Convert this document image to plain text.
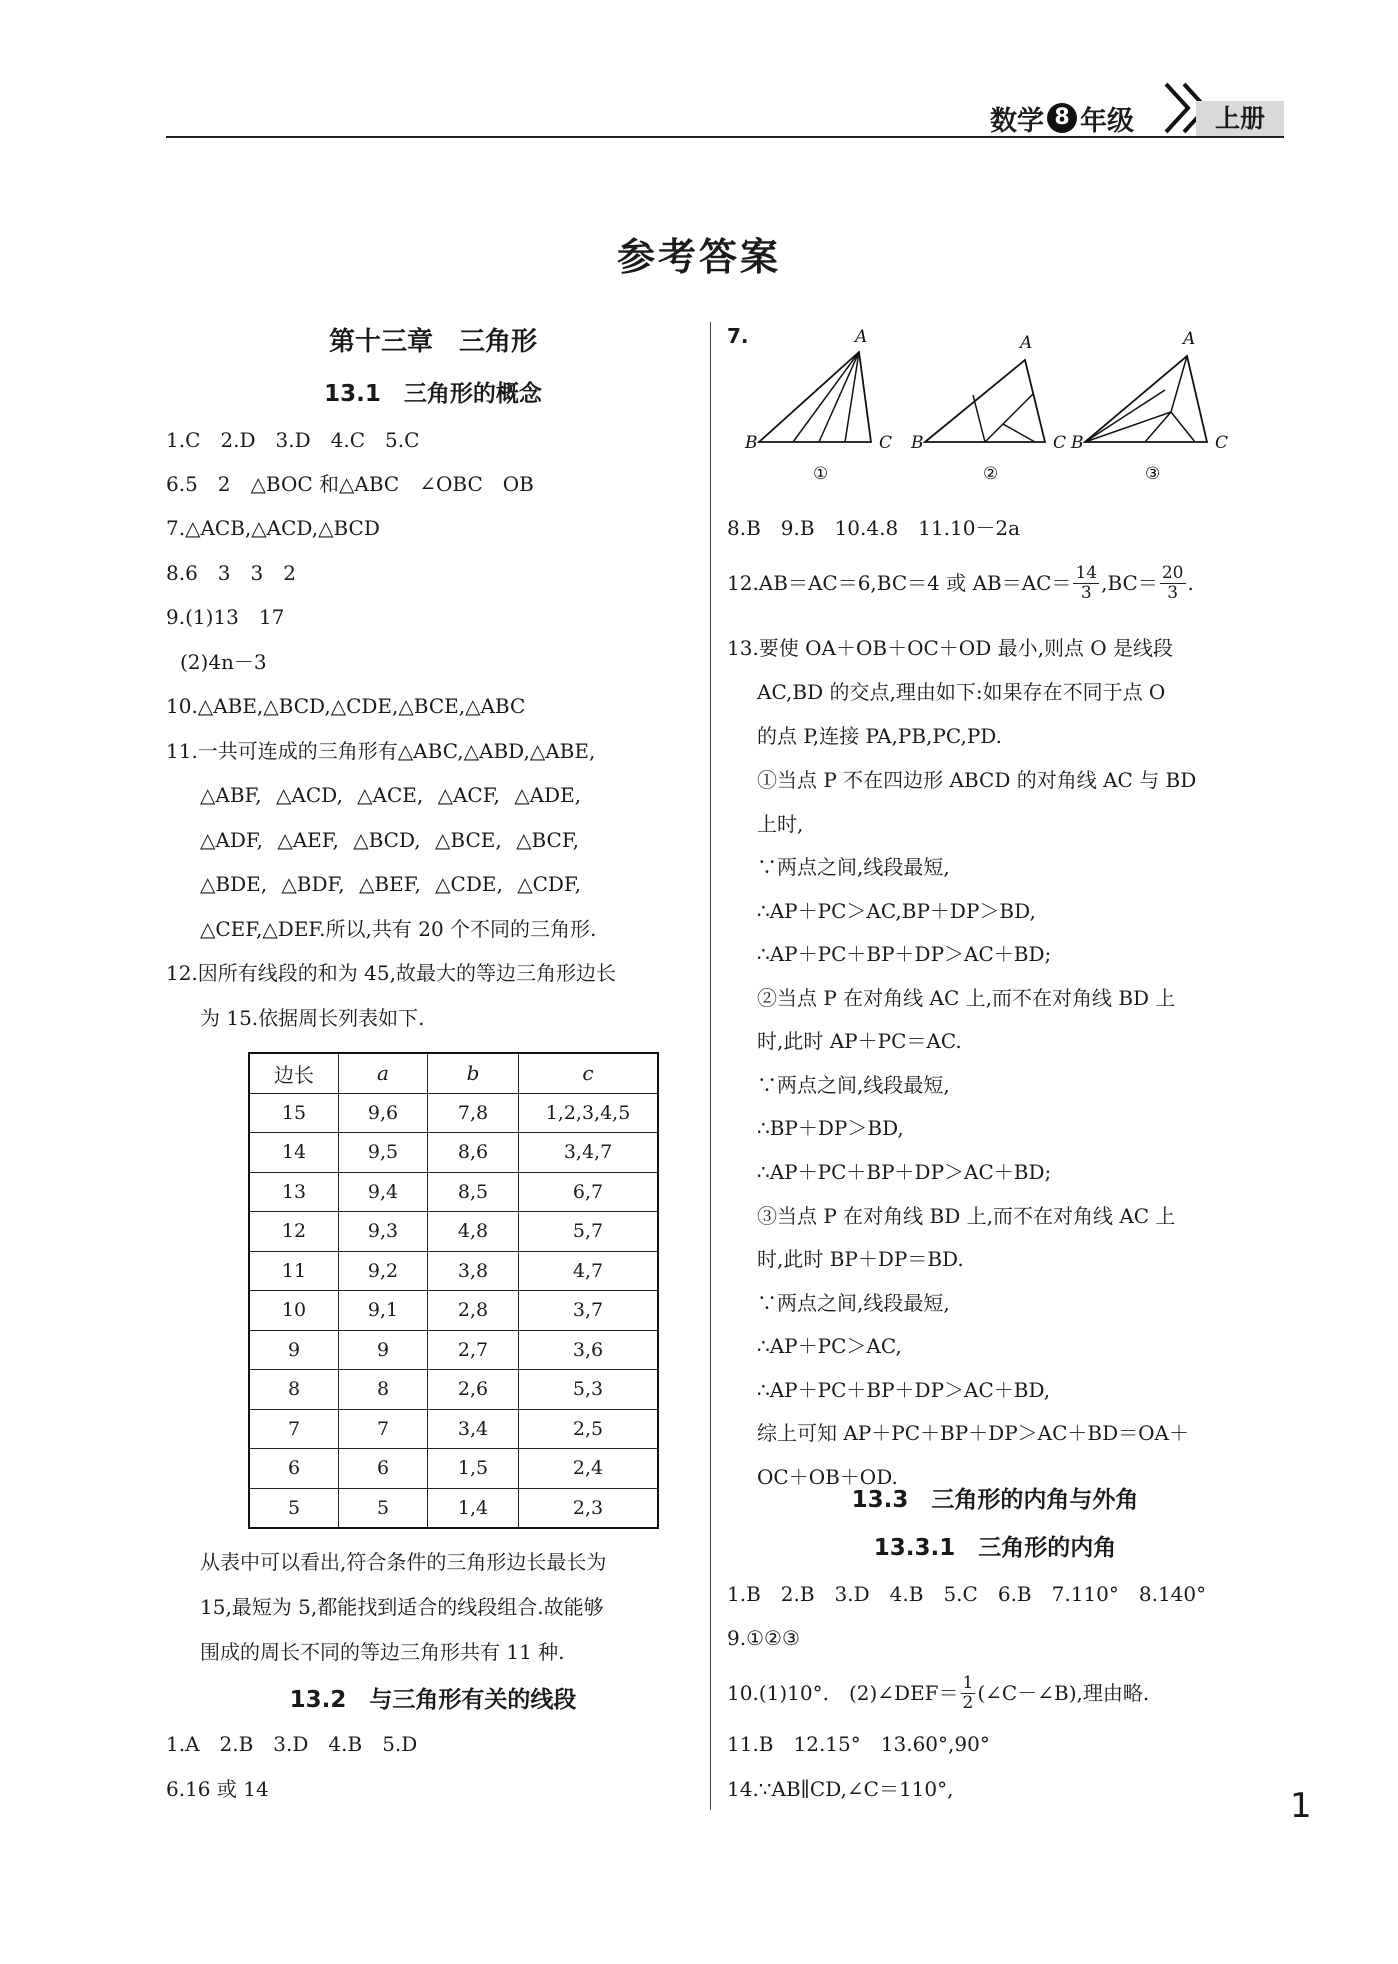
数学 8 年级	上册
参考答案
第十三章　三角形
13.1　三角形的概念
1.C　2.D　3.D　4.C　5.C
6.5　2　△BOC 和△ABC　∠OBC　OB
7.△ACB,△ACD,△BCD
8.6　3　3　2
9.(1)13　17
(2)4n－3
10.△ABE,△BCD,△CDE,△BCE,△ABC
11.一共可连成的三角形有△ABC,△ABD,△ABE,
△ABF, △ACD, △ACE, △ACF, △ADE,
△ADF, △AEF, △BCD, △BCE, △BCF,
△BDE, △BDF, △BEF, △CDE, △CDF,
△CEF,△DEF.所以,共有 20 个不同的三角形.
12.因所有线段的和为 45,故最大的等边三角形边长
为 15.依据周长列表如下.
从表中可以看出,符合条件的三角形边长最长为
15,最短为 5,都能找到适合的线段组合.故能够
围成的周长不同的等边三角形共有 11 种.
13.2　与三角形有关的线段
1.A　2.B　3.D　4.B　5.D
6.16 或 14
边长	a	b	c
15	9,6	7,8	1,2,3,4,5
14	9,5	8,6	3,4,7
13	9,4	8,5	6,7
12	9,3	4,8	5,7
11	9,2	3,8	4,7
10	9,1	2,8	3,7
9	9	2,7	3,6
8	8	2,6	5,3
7	7	3,4	2,5
6	6	1,5	2,4
5	5	1,4	2,3
7.	A
B	C
①
A
B	C
②
A
B	C
③
8.B　9.B　10.4.8　11.10－2a
12.AB＝AC＝6,BC＝4 或 $AB=AC= \frac{14}{3} ,BC= \frac{20}{3}$ .
13.要使 OA＋OB＋OC＋OD 最小,则点 O 是线段
AC,BD 的交点,理由如下:如果存在不同于点 O
的点 P,连接 PA,PB,PC,PD.
①当点 P 不在四边形 ABCD 的对角线 AC 与 BD
上时,
∵两点之间,线段最短,
∴AP＋PC＞AC,BP＋DP＞BD,
∴AP＋PC＋BP＋DP＞AC＋BD;
②当点 P 在对角线 AC 上,而不在对角线 BD 上
时,此时 AP＋PC＝AC.
∵两点之间,线段最短,
∴BP＋DP＞BD,
∴AP＋PC＋BP＋DP＞AC＋BD;
③当点 P 在对角线 BD 上,而不在对角线 AC 上
时,此时 BP＋DP＝BD.
∵两点之间,线段最短,
∴AP＋PC＞AC,
∴AP＋PC＋BP＋DP＞AC＋BD,
综上可知 AP＋PC＋BP＋DP＞AC＋BD＝OA＋
OC＋OB＋OD.
13.3　三角形的内角与外角
13.3.1　三角形的内角
1.B　2.B　3.D　4.B　5.C　6.B　7.110°　8.140°
9.①②③
10.(1)10°.　(2)∠DEF＝ $\frac{1}{2}$ (∠C－∠B),理由略.
11.B　12.15°　13.60°,90°
14.∵AB∥CD,∠C＝110°,	1
